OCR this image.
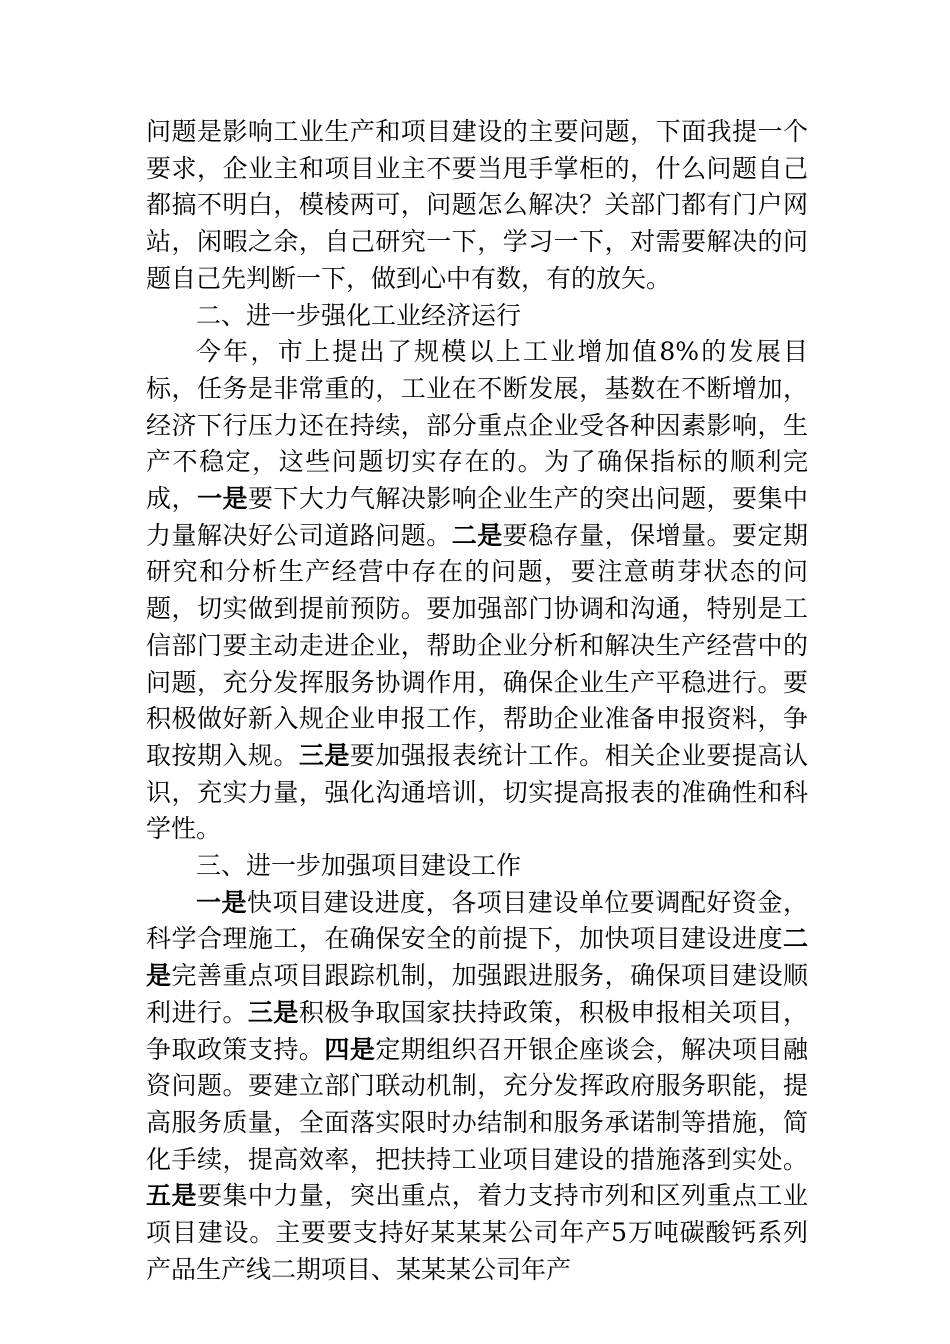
问题是影响工业生产和项目建设的主要问题，下面我提一个要求，企业主和项目业主不要当甩手掌柜的，什么问题自己都搞不明白，模棱两可，问题怎么解决？关部门都有门户网站，闲暇之余，自己研究一下，学习一下，对需要解决的问题自己先判断一下，做到心中有数，有的放矢。

二、进一步强化工业经济运行

今年，市上提出了规模以上工业增加值8%的发展目标，任务是非常重的，工业在不断发展，基数在不断增加，经济下行压力还在持续，部分重点企业受各种因素影响，生产不稳定，这些问题切实存在的。为了确保指标的顺利完成，一是要下大力气解决影响企业生产的突出问题，要集中力量解决好公司道路问题。二是要稳存量，保增量。要定期研究和分析生产经营中存在的问题，要注意萌芽状态的问题，切实做到提前预防。要加强部门协调和沟通，特别是工信部门要主动走进企业，帮助企业分析和解决生产经营中的问题，充分发挥服务协调作用，确保企业生产平稳进行。要积极做好新入规企业申报工作，帮助企业准备申报资料，争取按期入规。三是要加强报表统计工作。相关企业要提高认识，充实力量，强化沟通培训，切实提高报表的准确性和科学性。

三、进一步加强项目建设工作

一是快项目建设进度，各项目建设单位要调配好资金，科学合理施工，在确保安全的前提下，加快项目建设进度二是完善重点项目跟踪机制，加强跟进服务，确保项目建设顺利进行。三是积极争取国家扶持政策，积极申报相关项目，争取政策支持。四是定期组织召开银企座谈会，解决项目融资问题。要建立部门联动机制，充分发挥政府服务职能，提高服务质量，全面落实限时办结制和服务承诺制等措施，简化手续，提高效率，把扶持工业项目建设的措施落到实处。五是要集中力量，突出重点，着力支持市列和区列重点工业项目建设。主要要支持好某某某公司年产5万吨碳酸钙系列产品生产线二期项目、某某某公司年产
